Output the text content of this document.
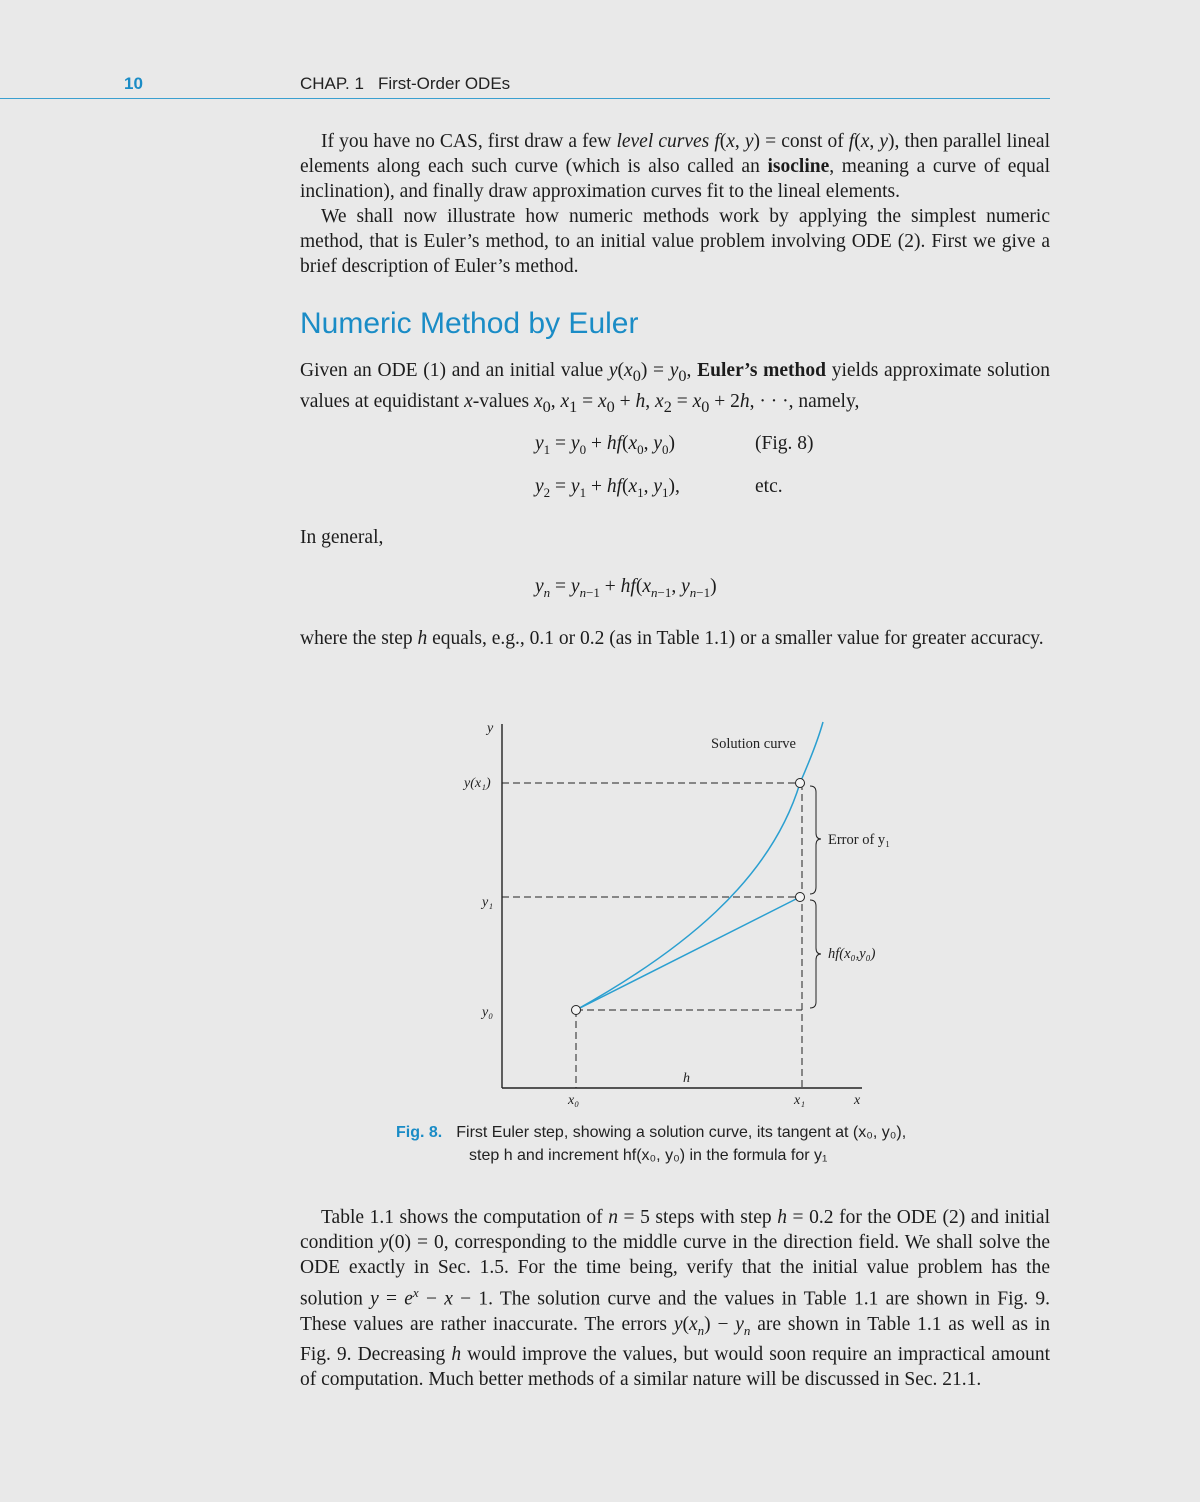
10	CHAP. 1 First-Order ODEs

If you have no CAS, first draw a few level curves f(x, y) = const of f(x, y), then parallel lineal elements along each such curve (which is also called an isocline, meaning a curve of equal inclination), and finally draw approximation curves fit to the lineal elements.

We shall now illustrate how numeric methods work by applying the simplest numeric method, that is Euler’s method, to an initial value problem involving ODE (2). First we give a brief description of Euler’s method.

Numeric Method by Euler

Given an ODE (1) and an initial value $y(x_0) = y_0$, Euler’s method yields approximate solution values at equidistant x-values $x_0$, $x_1 = x_0 + h$, $x_2 = x_0 + 2h$, · · ·, namely,

$y_1 = y_0 + hf(x_0$, $y_0$)	(Fig. 8)
$y_2 = y_1 + hf(x_1$, $y_1$),	etc.

In general,

$y_n = y_{n-1} + hf(x_{n-1}$, $y_{n-1}$)

where the step h equals, e.g., 0.1 or 0.2 (as in Table 1.1) or a smaller value for greater accuracy.

y
x
y(x₁)
y₁
y₀
x₀	x₁
h
Solution curve
Error of y₁
hf(x₀,y₀)
Fig. 8. First Euler step, showing a solution curve, its tangent at (x₀, y₀),
step h and increment hf(x₀, y₀) in the formula for y₁

Table 1.1 shows the computation of n = 5 steps with step h = 0.2 for the ODE (2) and initial condition y(0) = 0, corresponding to the middle curve in the direction field. We shall solve the ODE exactly in Sec. 1.5. For the time being, verify that the initial value problem has the solution $y = e^x - x - 1$. The solution curve and the values in Table 1.1 are shown in Fig. 9. These values are rather inaccurate. The errors $y(x_n) - y_n$ are shown in Table 1.1 as well as in Fig. 9. Decreasing h would improve the values, but would soon require an impractical amount of computation. Much better methods of a similar nature will be discussed in Sec. 21.1.
